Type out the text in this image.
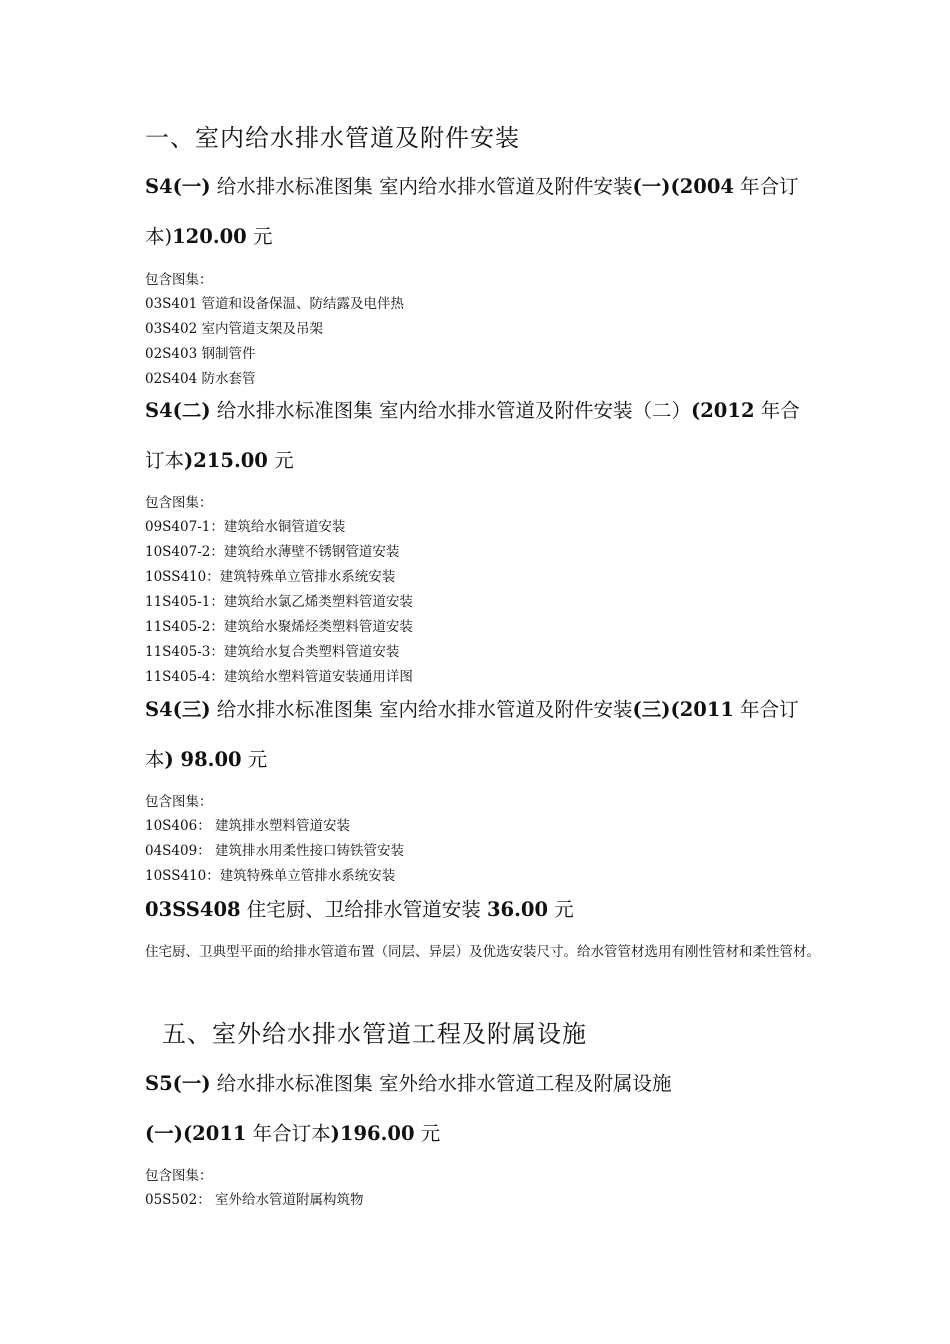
一、室内给水排水管道及附件安装
S4(一) 给水排水标准图集 室内给水排水管道及附件安装(一)(2004 年合订
本)120.00 元
包含图集：
03S401 管道和设备保温、防结露及电伴热
03S402 室内管道支架及吊架
02S403 钢制管件
02S404 防水套管
S4(二) 给水排水标准图集 室内给水排水管道及附件安装（二）(2012 年合
订本)215.00 元
包含图集：
09S407-1：建筑给水铜管道安装
10S407-2：建筑给水薄壁不锈钢管道安装
10SS410：建筑特殊单立管排水系统安装
11S405-1：建筑给水氯乙烯类塑料管道安装
11S405-2：建筑给水聚烯烃类塑料管道安装
11S405-3：建筑给水复合类塑料管道安装
11S405-4：建筑给水塑料管道安装通用详图
S4(三) 给水排水标准图集 室内给水排水管道及附件安装(三)(2011 年合订
本) 98.00 元
包含图集：
10S406： 建筑排水塑料管道安装
04S409： 建筑排水用柔性接口铸铁管安装
10SS410：建筑特殊单立管排水系统安装
03SS408 住宅厨、卫给排水管道安装 36.00 元
住宅厨、卫典型平面的给排水管道布置（同层、异层）及优选安装尺寸。给水管管材选用有刚性管材和柔性管材。
五、室外给水排水管道工程及附属设施
S5(一) 给水排水标准图集 室外给水排水管道工程及附属设施
(一)(2011 年合订本)196.00 元
包含图集：
05S502： 室外给水管道附属构筑物
